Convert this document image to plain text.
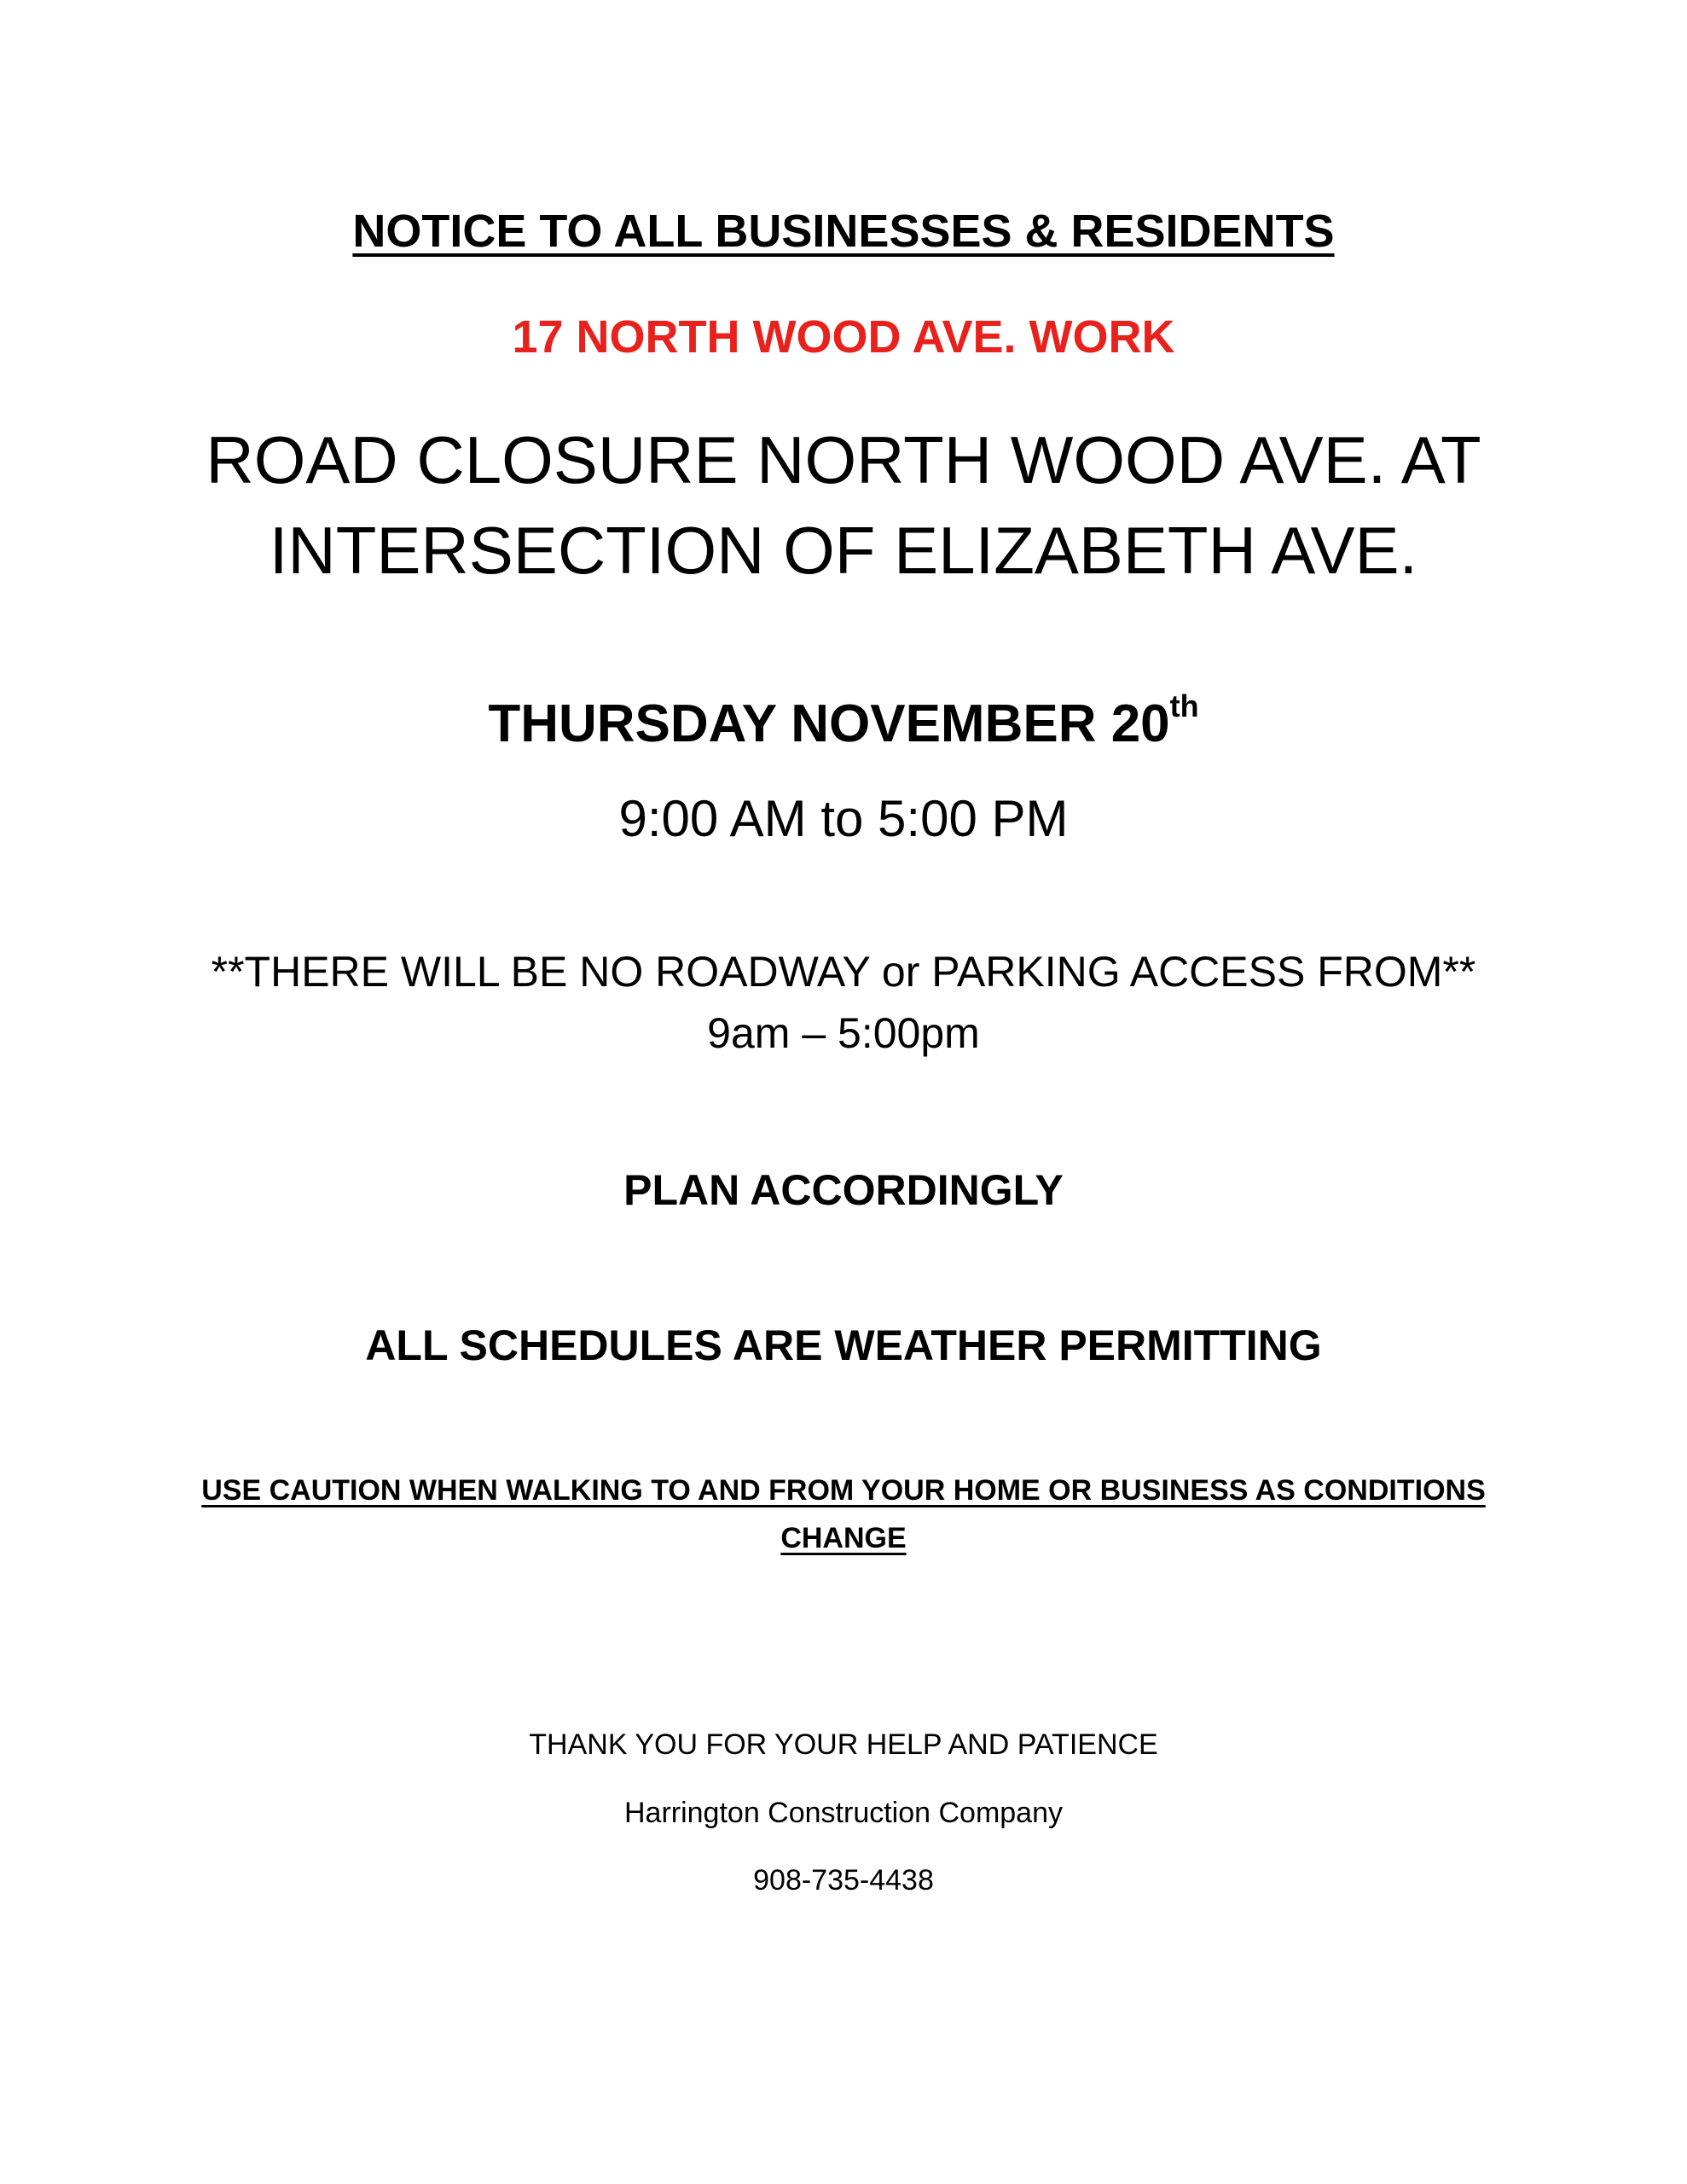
NOTICE TO ALL BUSINESSES & RESIDENTS
17 NORTH WOOD AVE. WORK
ROAD CLOSURE NORTH WOOD AVE. AT
INTERSECTION OF ELIZABETH AVE.
THURSDAY NOVEMBER 20th
9:00 AM to 5:00 PM
**THERE WILL BE NO ROADWAY or PARKING ACCESS FROM**
9am – 5:00pm
PLAN ACCORDINGLY
ALL SCHEDULES ARE WEATHER PERMITTING
USE CAUTION WHEN WALKING TO AND FROM YOUR HOME OR BUSINESS AS CONDITIONS
CHANGE
THANK YOU FOR YOUR HELP AND PATIENCE
Harrington Construction Company
908-735-4438
